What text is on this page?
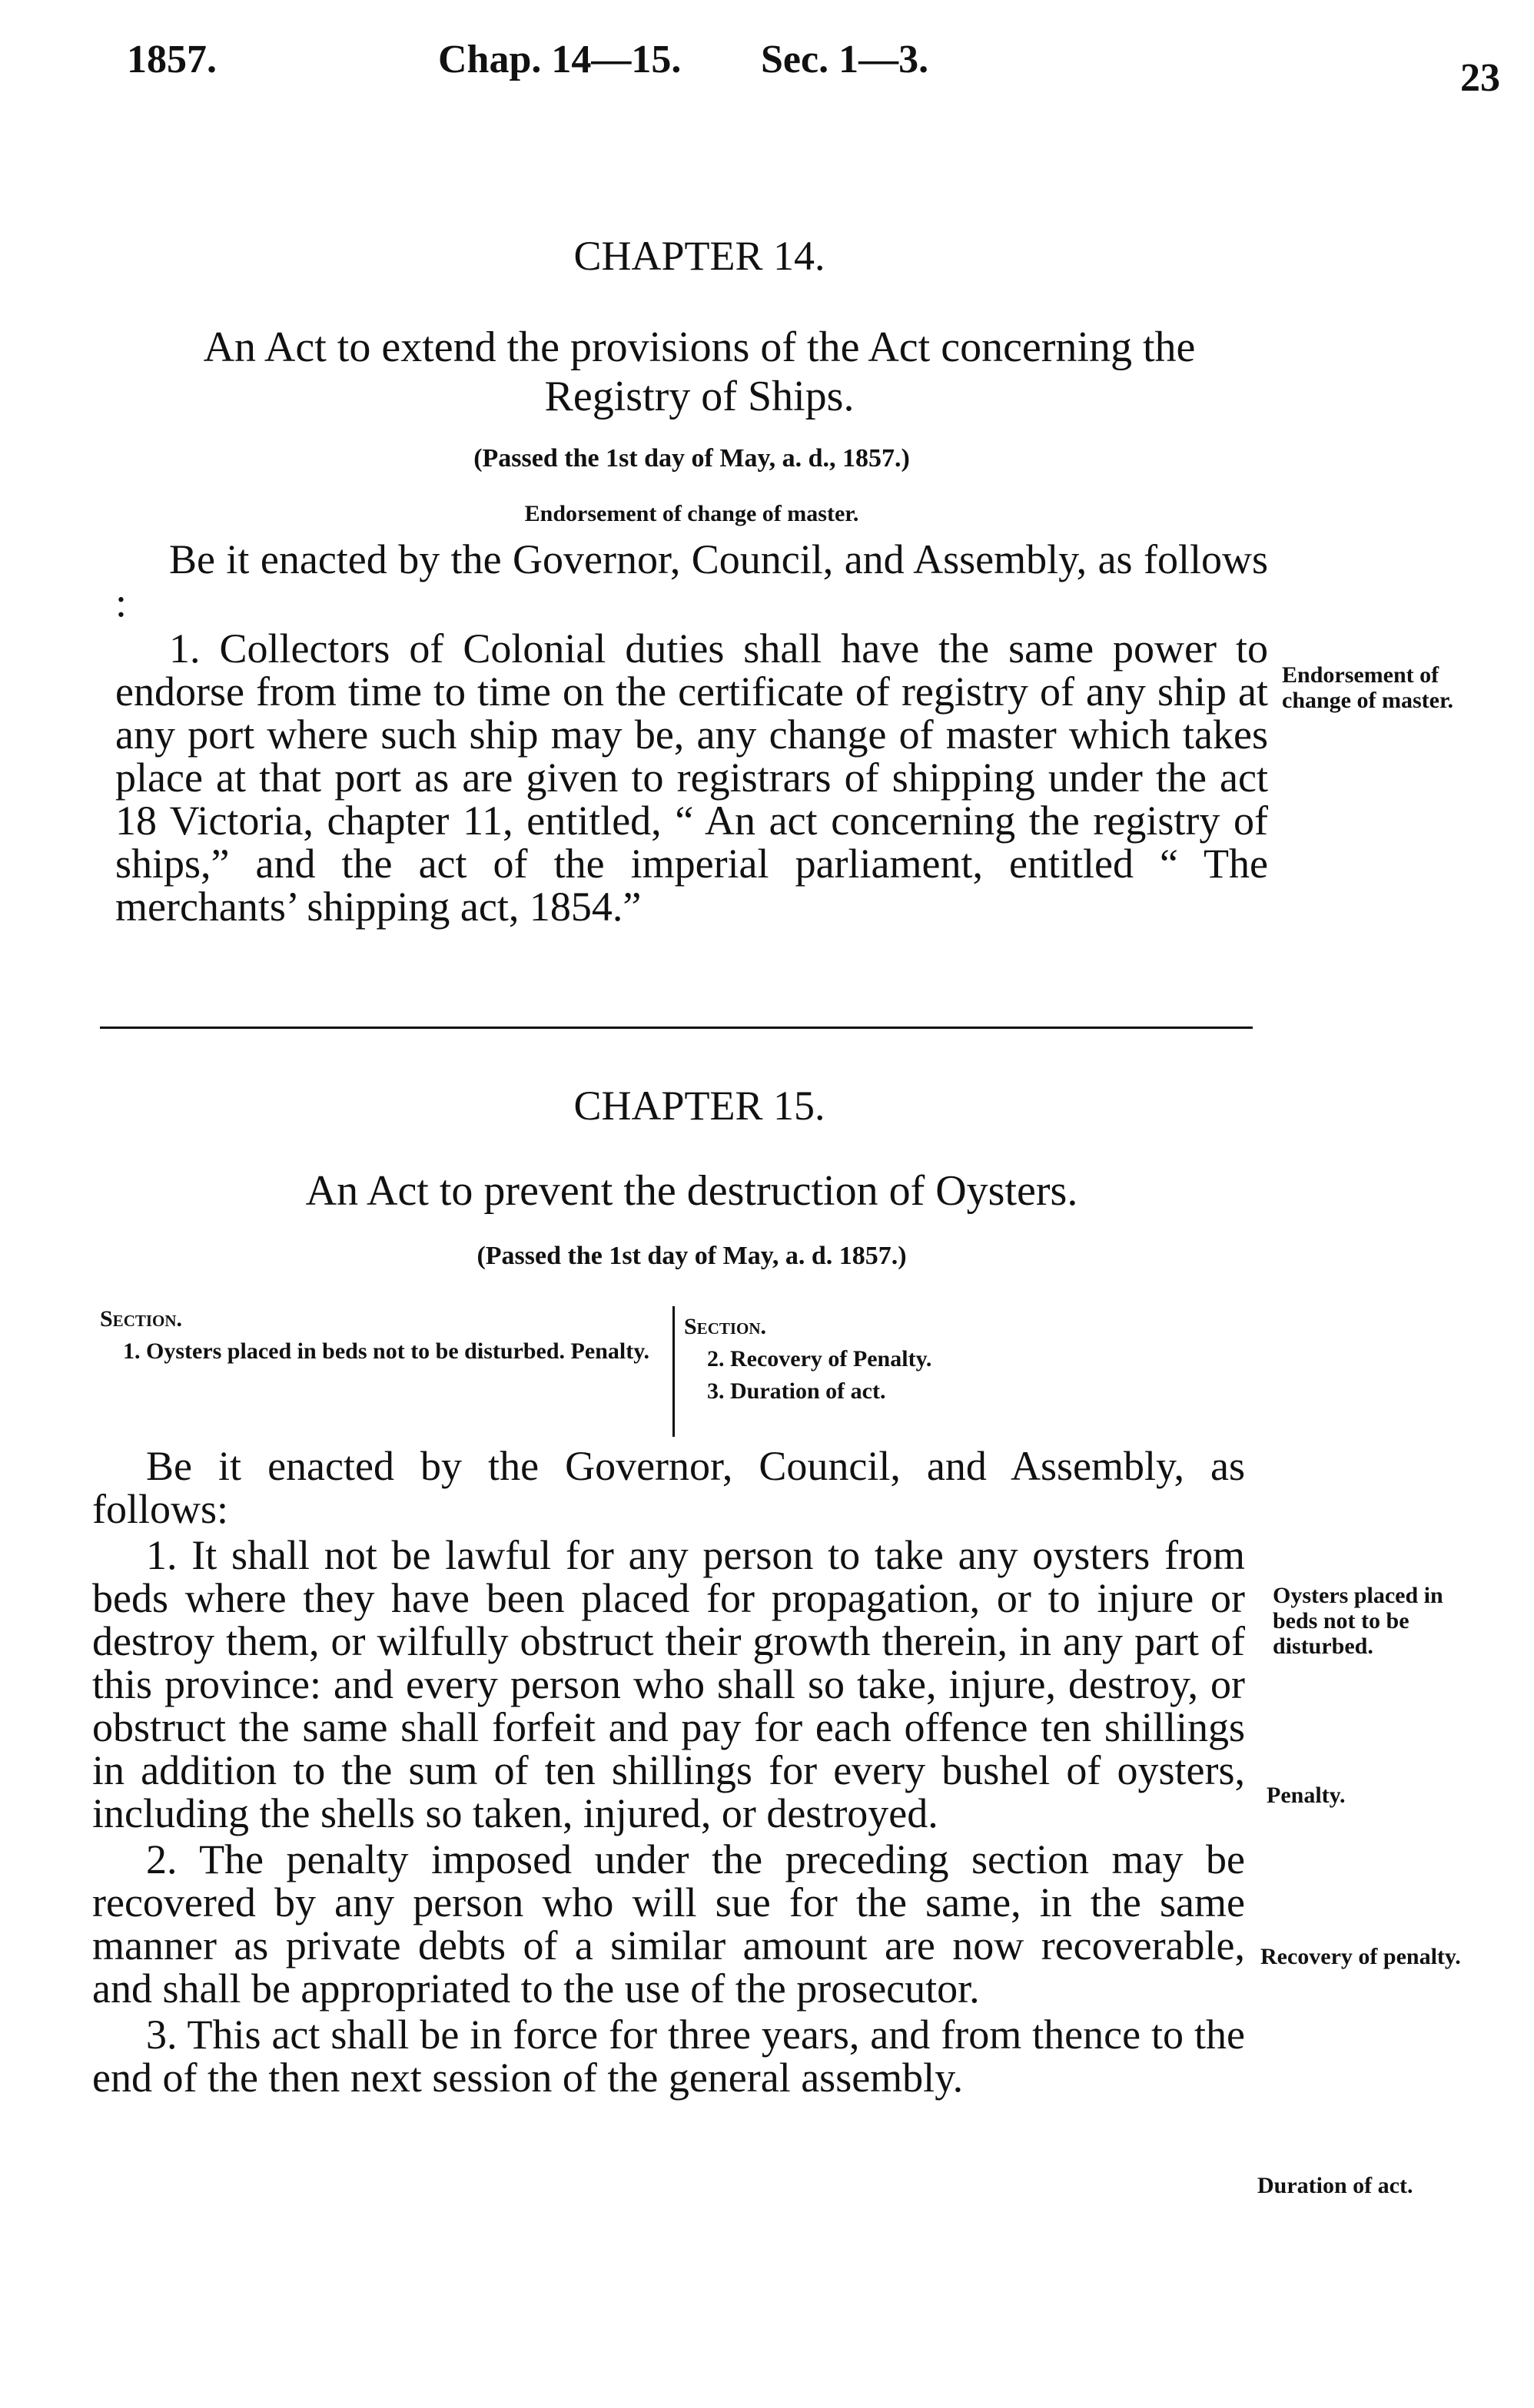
1857.	Chap. 14—15. Sec. 1—3.	23
CHAPTER 14.
An Act to extend the provisions of the Act concerning the
Registry of Ships.
(Passed the 1st day of May, a. d., 1857.)
Endorsement of change of master.

Be it enacted by the Governor, Council, and Assembly, as follows :

1. Collectors of Colonial duties shall have the same power to endorse from time to time on the certificate of registry of any ship at any port where such ship may be, any change of master which takes place at that port as are given to registrars of shipping under the act 18 Victoria, chapter 11, entitled, “ An act concerning the registry of ships,” and the act of the imperial parliament, entitled “ The merchants’ shipping act, 1854.”

Endorsement of change of master.
CHAPTER 15.
An Act to prevent the destruction of Oysters.
(Passed the 1st day of May, a. d. 1857.)
Section.
1. Oysters placed in beds not to be disturbed. Penalty.
Section.
2. Recovery of Penalty.
3. Duration of act.

Be it enacted by the Governor, Council, and Assembly, as follows:

1. It shall not be lawful for any person to take any oysters from beds where they have been placed for propagation, or to injure or destroy them, or wilfully obstruct their growth therein, in any part of this province: and every person who shall so take, injure, destroy, or obstruct the same shall forfeit and pay for each offence ten shillings in addition to the sum of ten shillings for every bushel of oysters, including the shells so taken, injured, or destroyed.

2. The penalty imposed under the preceding section may be recovered by any person who will sue for the same, in the same manner as private debts of a similar amount are now recoverable, and shall be appropriated to the use of the prosecutor.

3. This act shall be in force for three years, and from thence to the end of the then next session of the general assembly.

Oysters placed in beds not to be disturbed.
Penalty.
Recovery of penalty.
Duration of act.
